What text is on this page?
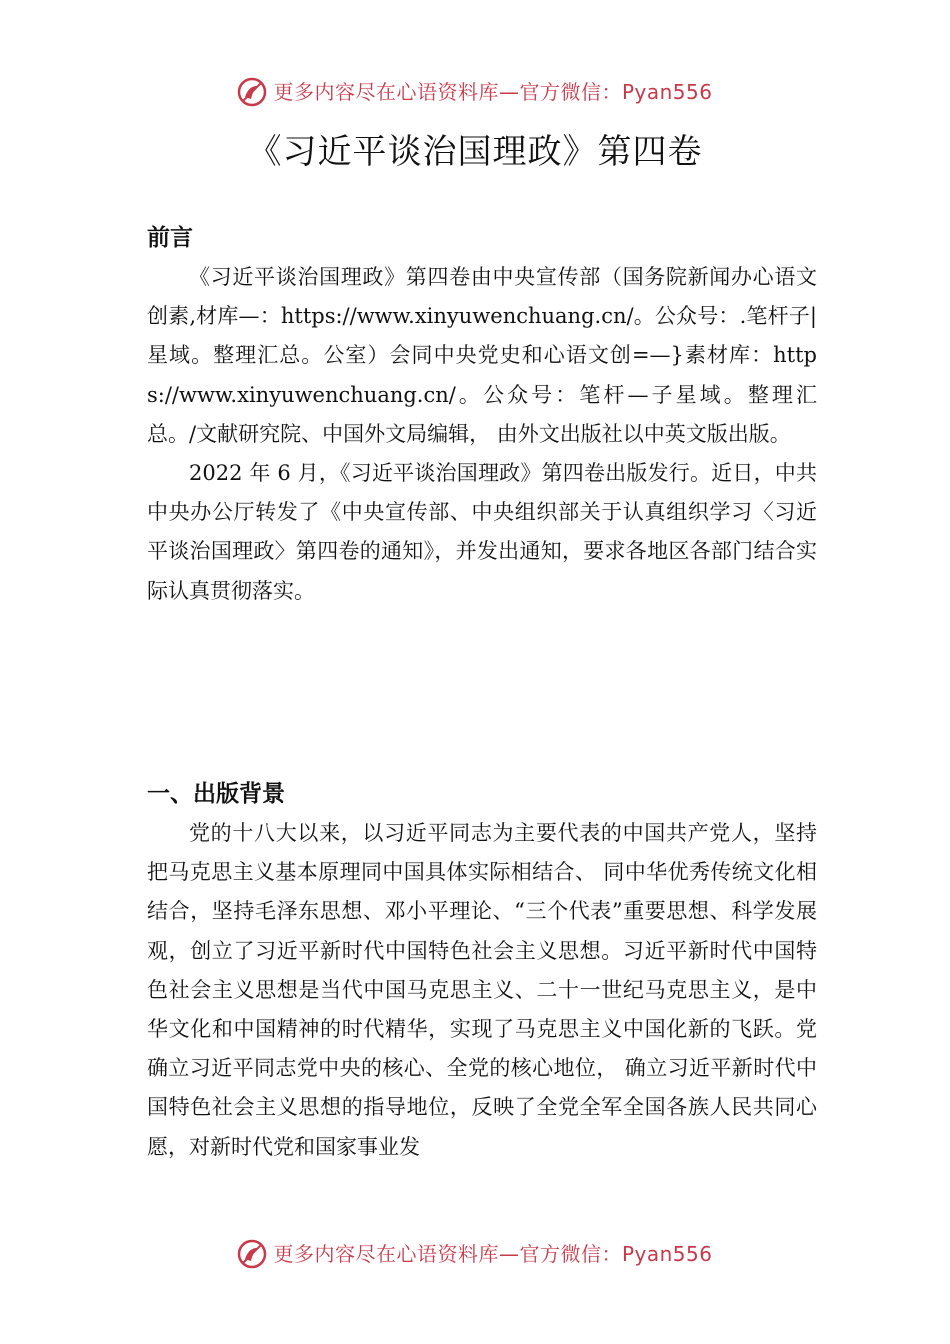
更多内容尽在心语资料库—官方微信：Pyan556
《习近平谈治国理政》第四卷
前言

《习近平谈治国理政》第四卷由中央宣传部（国务院新闻办心语文创素,材库—：https://www.xinyuwenchuang.cn/。公众号：.笔杆子|星域。整理汇总。公室）会同中央党史和心语文创=—}素材库：https://www.xinyuwenchuang.cn/。公众号：笔杆—子星域。整理汇总。/文献研究院、中国外文局编辑， 由外文出版社以中英文版出版。

2022 年 6 月，《习近平谈治国理政》第四卷出版发行。近日，中共中央办公厅转发了《中央宣传部、中央组织部关于认真组织学习〈习近平谈治国理政〉第四卷的通知》，并发出通知，要求各地区各部门结合实际认真贯彻落实。

一、出版背景

党的十八大以来，以习近平同志为主要代表的中国共产党人，坚持把马克思主义基本原理同中国具体实际相结合、 同中华优秀传统文化相结合，坚持毛泽东思想、邓小平理论、“三个代表”重要思想、科学发展观，创立了习近平新时代中国特色社会主义思想。习近平新时代中国特色社会主义思想是当代中国马克思主义、二十一世纪马克思主义，是中华文化和中国精神的时代精华，实现了马克思主义中国化新的飞跃。党确立习近平同志党中央的核心、全党的核心地位， 确立习近平新时代中国特色社会主义思想的指导地位，反映了全党全军全国各族人民共同心愿，对新时代党和国家事业发

更多内容尽在心语资料库—官方微信：Pyan556
